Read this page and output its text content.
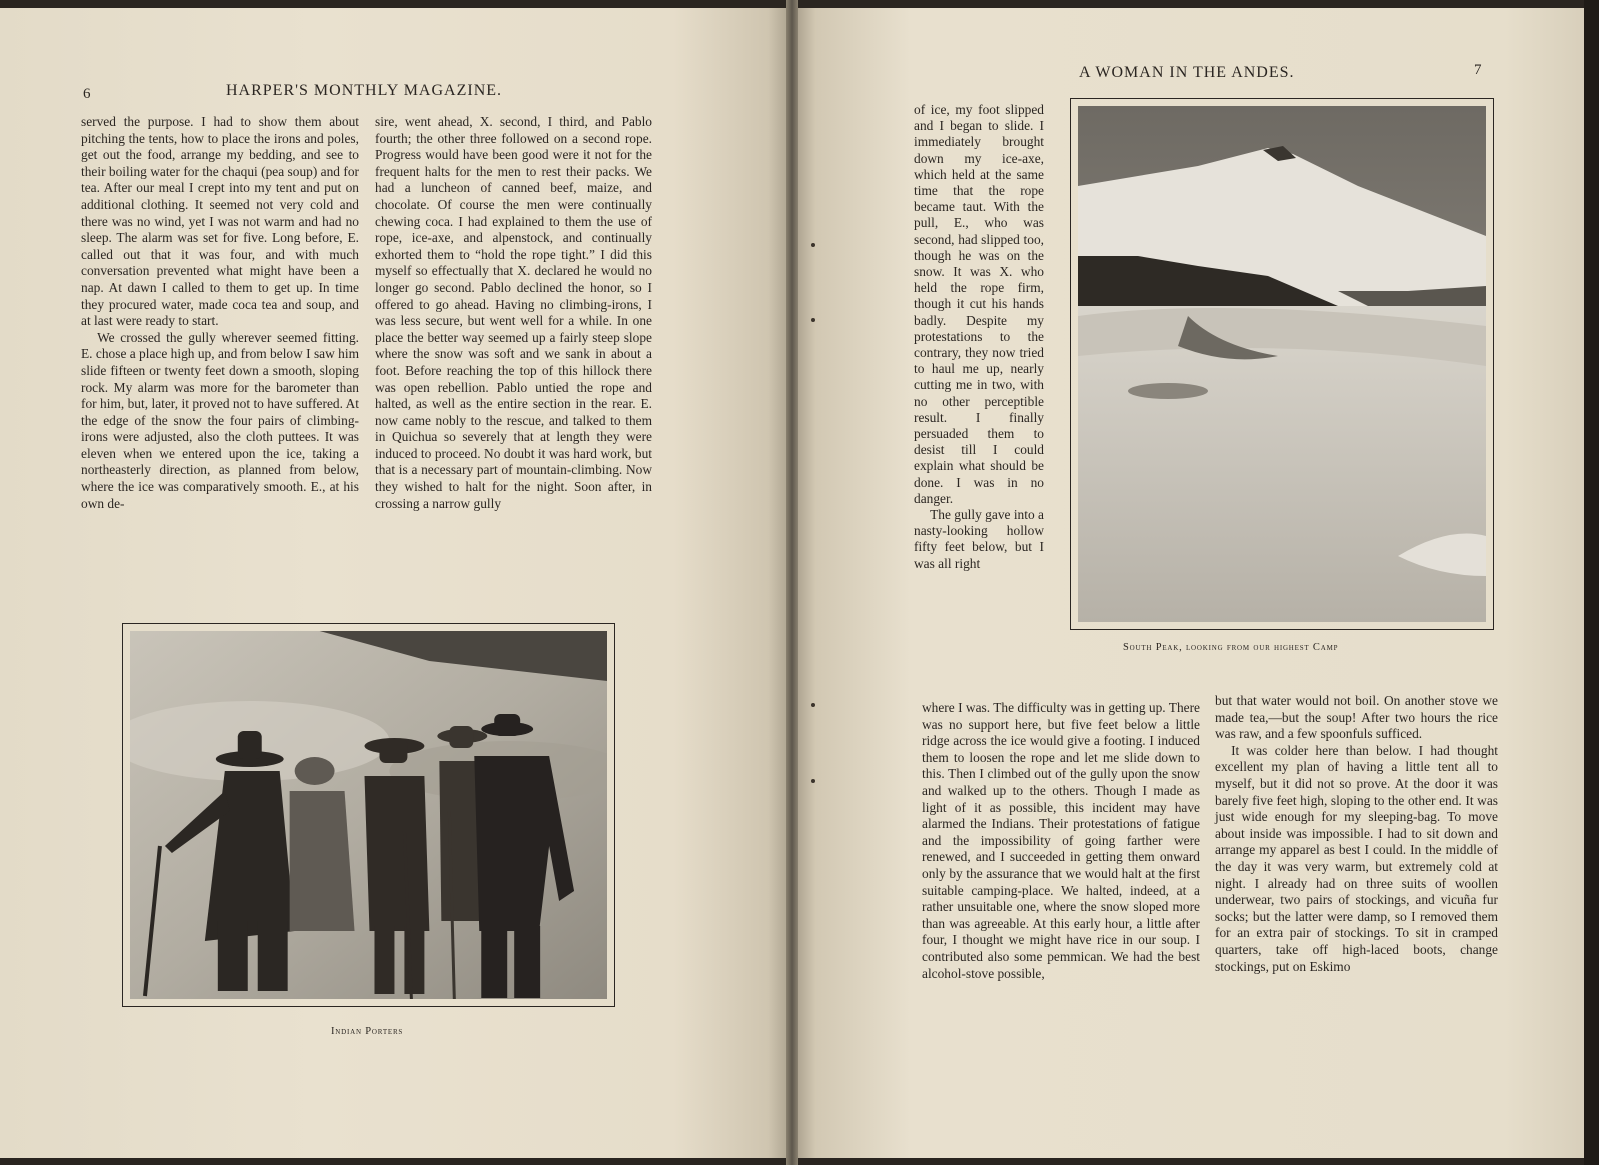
6	HARPER'S MONTHLY MAGAZINE.

served the purpose. I had to show them about pitching the tents, how to place the irons and poles, get out the food, arrange my bedding, and see to their boiling water for the chaqui (pea soup) and for tea. After our meal I crept into my tent and put on additional clothing. It seemed not very cold and there was no wind, yet I was not warm and had no sleep. The alarm was set for five. Long before, E. called out that it was four, and with much conversation prevented what might have been a nap. At dawn I called to them to get up. In time they procured water, made coca tea and soup, and at last were ready to start.

We crossed the gully wherever seemed fitting. E. chose a place high up, and from below I saw him slide fifteen or twenty feet down a smooth, sloping rock. My alarm was more for the barometer than for him, but, later, it proved not to have suffered. At the edge of the snow the four pairs of climbing-irons were adjusted, also the cloth puttees. It was eleven when we entered upon the ice, taking a northeasterly direction, as planned from below, where the ice was comparatively smooth. E., at his own de-

sire, went ahead, X. second, I third, and Pablo fourth; the other three followed on a second rope. Progress would have been good were it not for the frequent halts for the men to rest their packs. We had a luncheon of canned beef, maize, and chocolate. Of course the men were continually chewing coca. I had explained to them the use of rope, ice-axe, and alpenstock, and continually exhorted them to “hold the rope tight.” I did this myself so effectually that X. declared he would no longer go second. Pablo declined the honor, so I offered to go ahead. Having no climbing-irons, I was less secure, but went well for a while. In one place the better way seemed up a fairly steep slope where the snow was soft and we sank in about a foot. Before reaching the top of this hillock there was open rebellion. Pablo untied the rope and halted, as well as the entire section in the rear. E. now came nobly to the rescue, and talked to them in Quichua so severely that at length they were induced to proceed. No doubt it was hard work, but that is a necessary part of mountain-climbing. Now they wished to halt for the night. Soon after, in crossing a narrow gully

Indian Porters
A WOMAN IN THE ANDES.	7
South Peak, looking from our highest Camp

of ice, my foot slipped and I began to slide. I immediately brought down my ice-axe, which held at the same time that the rope became taut. With the pull, E., who was second, had slipped too, though he was on the snow. It was X. who held the rope firm, though it cut his hands badly. Despite my protestations to the contrary, they now tried to haul me up, nearly cutting me in two, with no other perceptible result. I finally persuaded them to desist till I could explain what should be done. I was in no danger.

The gully gave into a nasty-looking hollow fifty feet below, but I was all right

where I was. The difficulty was in getting up. There was no support here, but five feet below a little ridge across the ice would give a footing. I induced them to loosen the rope and let me slide down to this. Then I climbed out of the gully upon the snow and walked up to the others. Though I made as light of it as possible, this incident may have alarmed the Indians. Their protestations of fatigue and the impossibility of going farther were renewed, and I succeeded in getting them onward only by the assurance that we would halt at the first suitable camping-place. We halted, indeed, at a rather unsuitable one, where the snow sloped more than was agreeable. At this early hour, a little after four, I thought we might have rice in our soup. I contributed also some pemmican. We had the best alcohol-stove possible,

but that water would not boil. On another stove we made tea,—but the soup! After two hours the rice was raw, and a few spoonfuls sufficed.

It was colder here than below. I had thought excellent my plan of having a little tent all to myself, but it did not so prove. At the door it was barely five feet high, sloping to the other end. It was just wide enough for my sleeping-bag. To move about inside was impossible. I had to sit down and arrange my apparel as best I could. In the middle of the day it was very warm, but extremely cold at night. I already had on three suits of woollen underwear, two pairs of stockings, and vicuña fur socks; but the latter were damp, so I removed them for an extra pair of stockings. To sit in cramped quarters, take off high-laced boots, change stockings, put on Eskimo
